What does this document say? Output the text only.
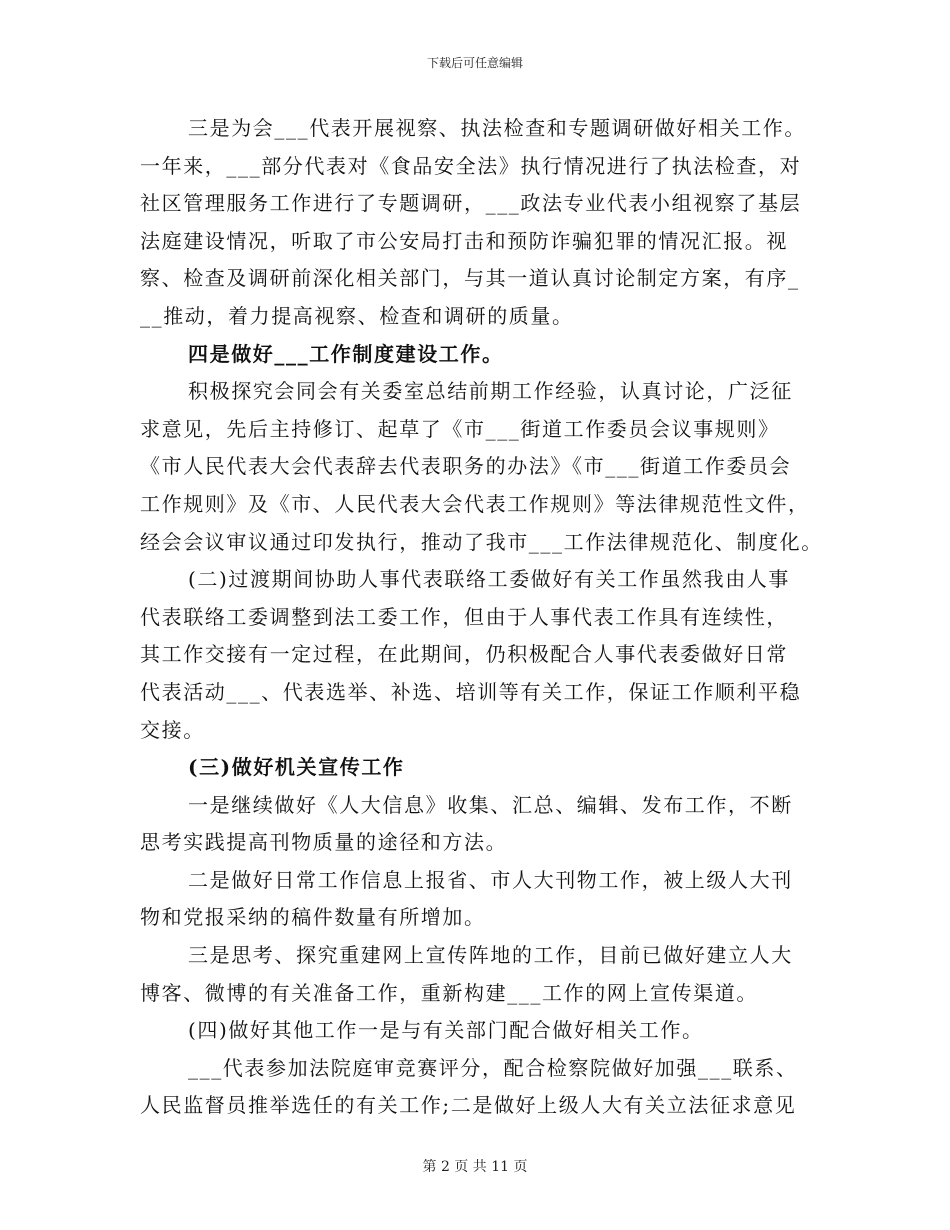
下载后可任意编辑
三是为会___代表开展视察、执法检查和专题调研做好相关工作。
一年来，___部分代表对《食品安全法》执行情况进行了执法检查，对
社区管理服务工作进行了专题调研，___政法专业代表小组视察了基层
法庭建设情况，听取了市公安局打击和预防诈骗犯罪的情况汇报。视
察、检查及调研前深化相关部门，与其一道认真讨论制定方案，有序_
__推动，着力提高视察、检查和调研的质量。
四是做好___工作制度建设工作。
积极探究会同会有关委室总结前期工作经验，认真讨论，广泛征
求意见，先后主持修订、起草了《市___街道工作委员会议事规则》
《市人民代表大会代表辞去代表职务的办法》《市___街道工作委员会
工作规则》及《市、人民代表大会代表工作规则》等法律规范性文件，
经会会议审议通过印发执行，推动了我市___工作法律规范化、制度化。
(二)过渡期间协助人事代表联络工委做好有关工作虽然我由人事
代表联络工委调整到法工委工作，但由于人事代表工作具有连续性，
其工作交接有一定过程，在此期间，仍积极配合人事代表委做好日常
代表活动___、代表选举、补选、培训等有关工作，保证工作顺利平稳
交接。
(三)做好机关宣传工作
一是继续做好《人大信息》收集、汇总、编辑、发布工作，不断
思考实践提高刊物质量的途径和方法。
二是做好日常工作信息上报省、市人大刊物工作，被上级人大刊
物和党报采纳的稿件数量有所增加。
三是思考、探究重建网上宣传阵地的工作，目前已做好建立人大
博客、微博的有关准备工作，重新构建___工作的网上宣传渠道。
(四)做好其他工作一是与有关部门配合做好相关工作。
___代表参加法院庭审竞赛评分，配合检察院做好加强___联系、
人民监督员推举选任的有关工作;二是做好上级人大有关立法征求意见
第 2 页 共 11 页
